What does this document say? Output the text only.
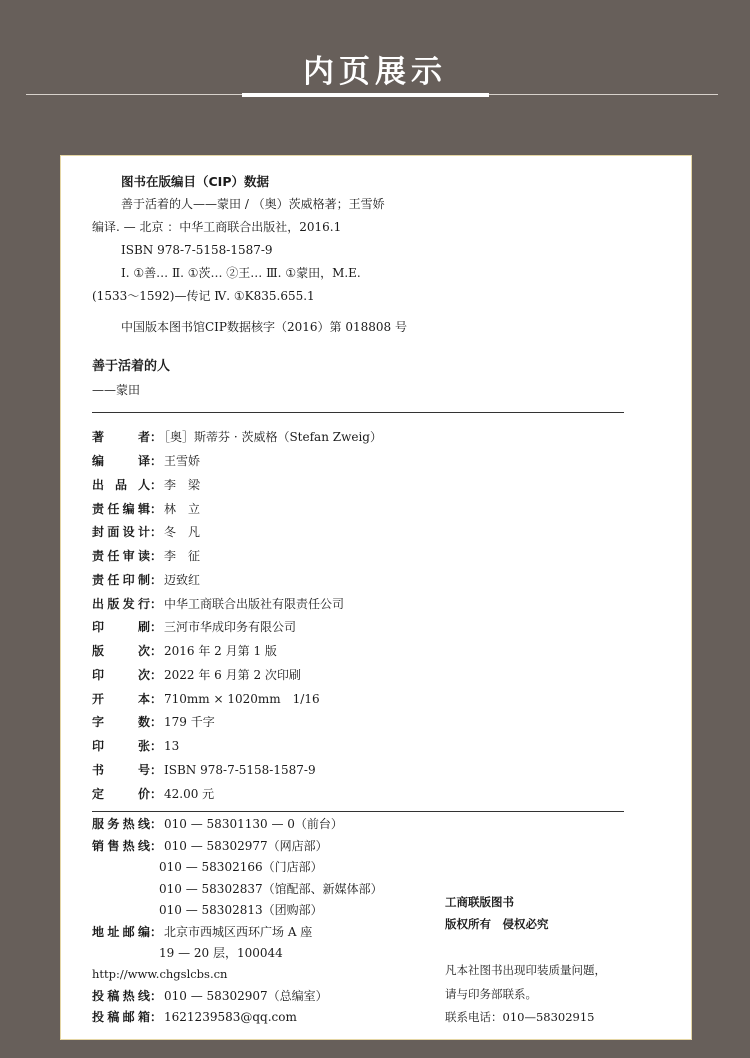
内页展示
图书在版编目（CIP）数据
善于活着的人——蒙田 / （奥）茨威格著；王雪娇
编译. — 北京 ：中华工商联合出版社，2016.1
ISBN 978-7-5158-1587-9
Ⅰ. ①善… Ⅱ. ①茨… ②王… Ⅲ. ①蒙田，M.E.
(1533～1592)—传记 Ⅳ. ①K835.655.1
中国版本图书馆CIP数据核字（2016）第 018808 号
善于活着的人
——蒙田
著　　者： ［奥］斯蒂芬 · 茨威格（Stefan Zweig）
编　　译： 王雪娇
出 品 人： 李　梁
责任编辑： 林　立
封面设计： 冬　凡
责任审读： 李　征
责任印制： 迈致红
出版发行： 中华工商联合出版社有限责任公司
印　　刷： 三河市华成印务有限公司
版　　次： 2016 年 2 月第 1 版
印　　次： 2022 年 6 月第 2 次印刷
开　　本： 710mm × 1020mm　1/16
字　　数： 179 千字
印　　张： 13
书　　号： ISBN 978-7-5158-1587-9
定　　价： 42.00 元
服务热线： 010 — 58301130 — 0（前台）
销售热线： 010 — 58302977（网店部）
010 — 58302166（门店部）
010 — 58302837（馆配部、新媒体部）
010 — 58302813（团购部）
地址邮编： 北京市西城区西环广场 A 座
19 — 20 层，100044
http://www.chgslcbs.cn
投稿热线： 010 — 58302907（总编室）
投稿邮箱： 1621239583@qq.com
工商联版图书
版权所有　侵权必究
凡本社图书出现印装质量问题，
请与印务部联系。
联系电话：010—58302915
